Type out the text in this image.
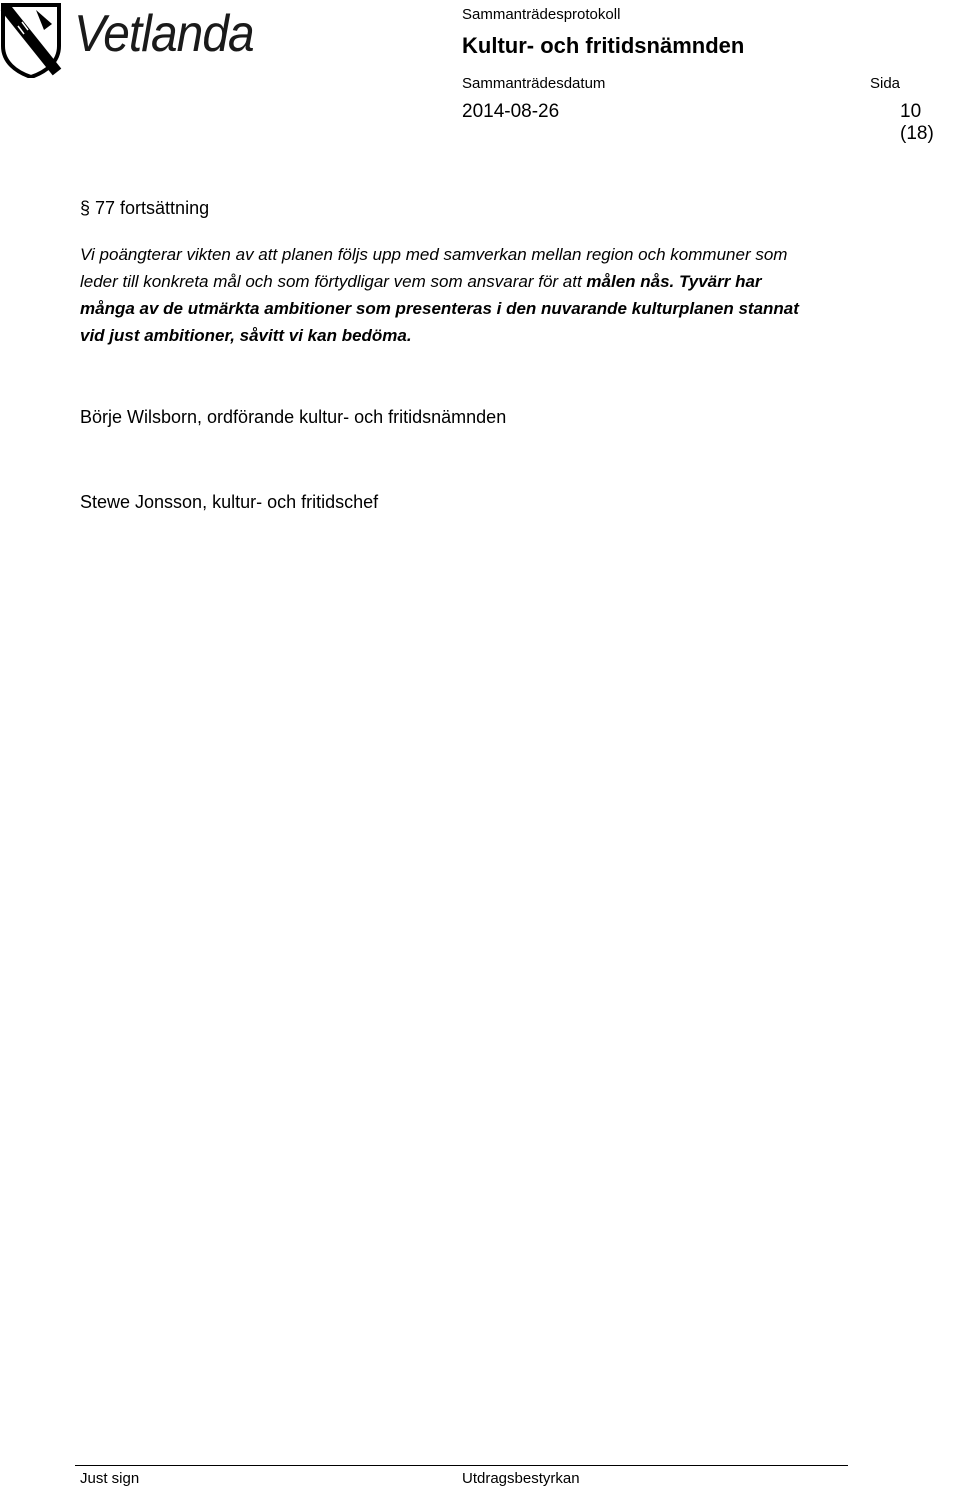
Vetlanda	Sammanträdesprotokoll
Kultur- och fritidsnämnden
Sammanträdesdatum	Sida
2014-08-26	10 (18)
§ 77 fortsättning
Vi poängterar vikten av att planen följs upp med samverkan mellan region och kommuner som leder till konkreta mål och som förtydligar vem som ansvarar för att målen nås. Tyvärr har många av de utmärkta ambitioner som presenteras i den nuvarande kulturplanen stannat vid just ambitioner, såvitt vi kan bedöma.
Börje Wilsborn, ordförande kultur- och fritidsnämnden
Stewe Jonsson, kultur- och fritidschef
Just sign	Utdragsbestyrkan
